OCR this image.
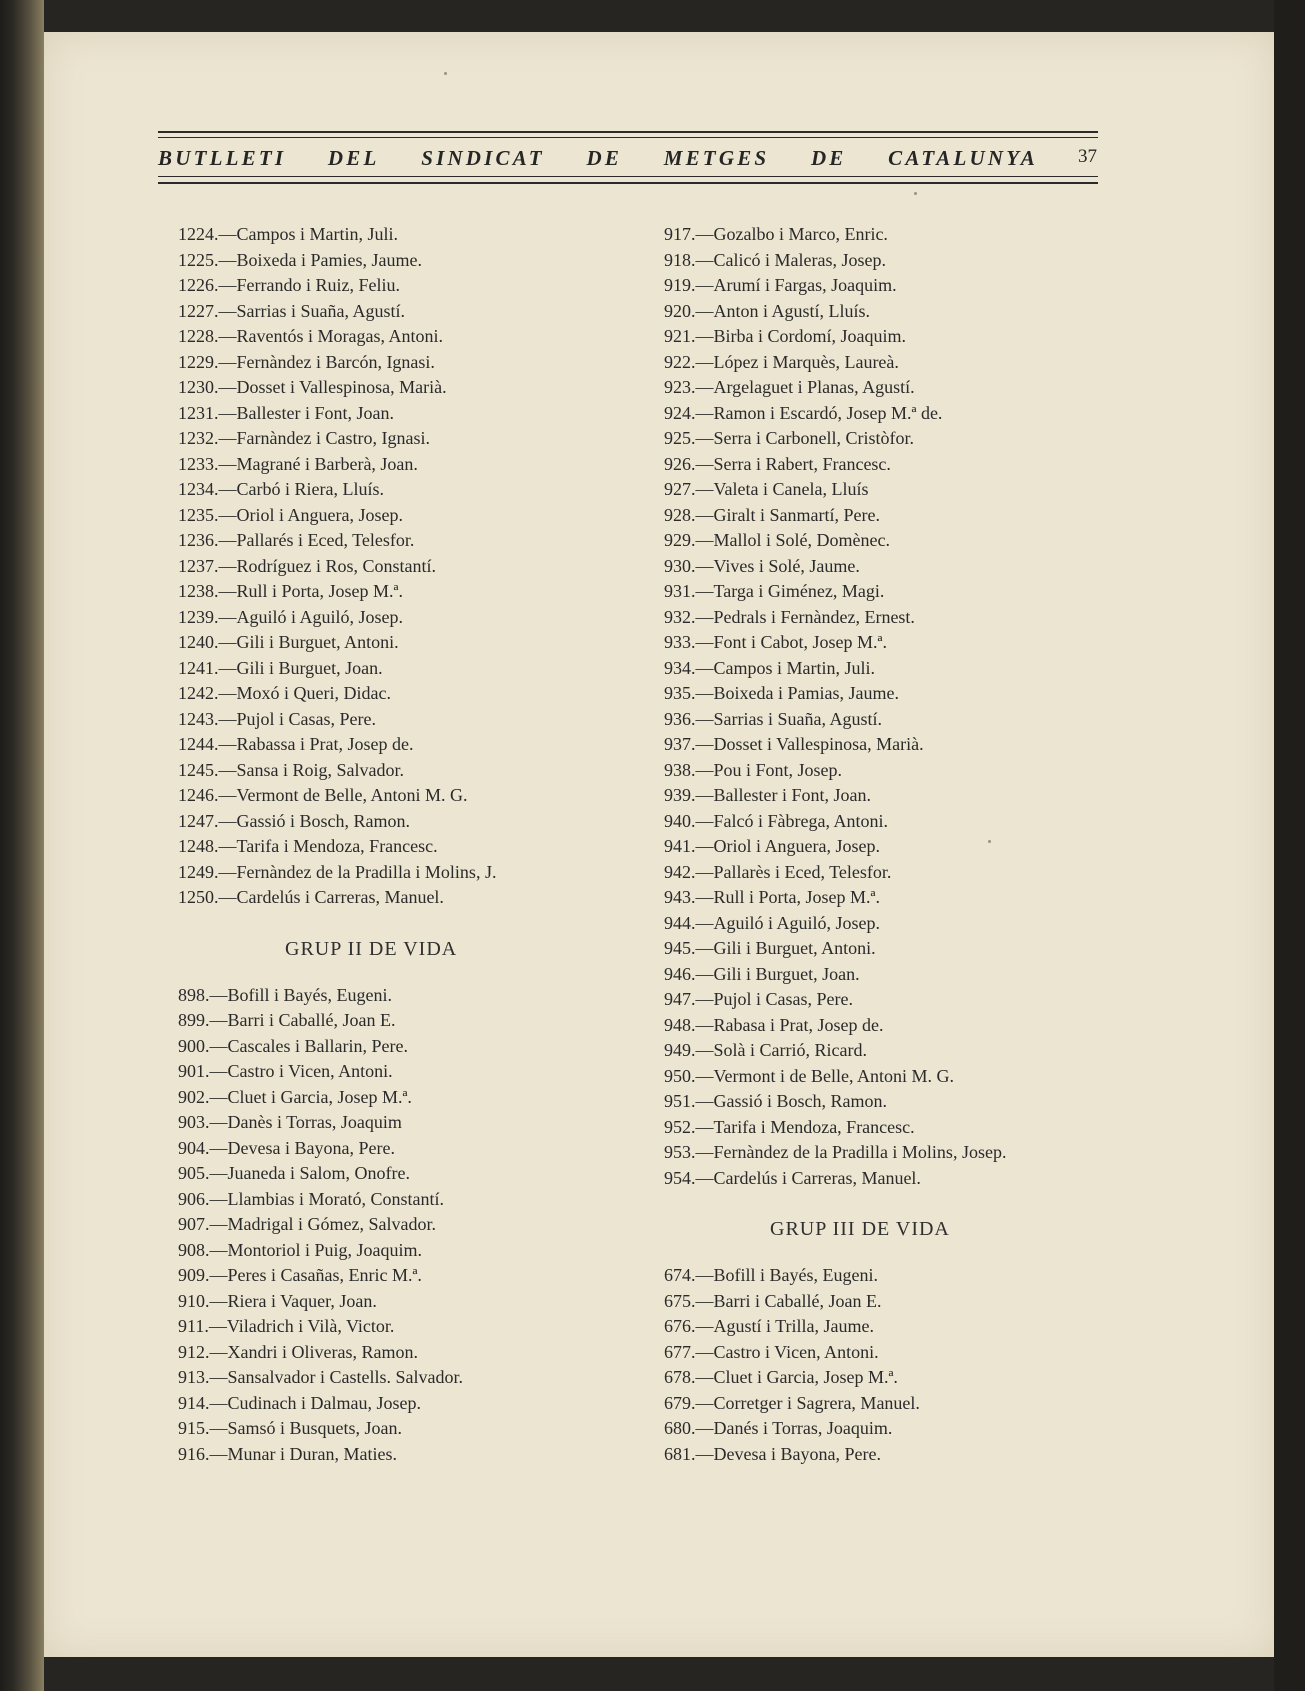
BUTLLETI DEL SINDICAT DE METGES DE CATALUNYA 37
1224.—Campos i Martin, Juli.
1225.—Boixeda i Pamies, Jaume.
1226.—Ferrando i Ruiz, Feliu.
1227.—Sarrias i Suaña, Agustí.
1228.—Raventós i Moragas, Antoni.
1229.—Fernàndez i Barcón, Ignasi.
1230.—Dosset i Vallespinosa, Marià.
1231.—Ballester i Font, Joan.
1232.—Farnàndez i Castro, Ignasi.
1233.—Magrané i Barberà, Joan.
1234.—Carbó i Riera, Lluís.
1235.—Oriol i Anguera, Josep.
1236.—Pallarés i Eced, Telesfor.
1237.—Rodríguez i Ros, Constantí.
1238.—Rull i Porta, Josep M.ª.
1239.—Aguiló i Aguiló, Josep.
1240.—Gili i Burguet, Antoni.
1241.—Gili i Burguet, Joan.
1242.—Moxó i Queri, Didac.
1243.—Pujol i Casas, Pere.
1244.—Rabassa i Prat, Josep de.
1245.—Sansa i Roig, Salvador.
1246.—Vermont de Belle, Antoni M. G.
1247.—Gassió i Bosch, Ramon.
1248.—Tarifa i Mendoza, Francesc.
1249.—Fernàndez de la Pradilla i Molins, J.
1250.—Cardelús i Carreras, Manuel.
GRUP II DE VIDA
898.—Bofill i Bayés, Eugeni.
899.—Barri i Caballé, Joan E.
900.—Cascales i Ballarin, Pere.
901.—Castro i Vicen, Antoni.
902.—Cluet i Garcia, Josep M.ª.
903.—Danès i Torras, Joaquim
904.—Devesa i Bayona, Pere.
905.—Juaneda i Salom, Onofre.
906.—Llambias i Morató, Constantí.
907.—Madrigal i Gómez, Salvador.
908.—Montoriol i Puig, Joaquim.
909.—Peres i Casañas, Enric M.ª.
910.—Riera i Vaquer, Joan.
911.—Viladrich i Vilà, Victor.
912.—Xandri i Oliveras, Ramon.
913.—Sansalvador i Castells. Salvador.
914.—Cudinach i Dalmau, Josep.
915.—Samsó i Busquets, Joan.
916.—Munar i Duran, Maties.
917.—Gozalbo i Marco, Enric.
918.—Calicó i Maleras, Josep.
919.—Arumí i Fargas, Joaquim.
920.—Anton i Agustí, Lluís.
921.—Birba i Cordomí, Joaquim.
922.—López i Marquès, Laureà.
923.—Argelaguet i Planas, Agustí.
924.—Ramon i Escardó, Josep M.ª de.
925.—Serra i Carbonell, Cristòfor.
926.—Serra i Rabert, Francesc.
927.—Valeta i Canela, Lluís
928.—Giralt i Sanmartí, Pere.
929.—Mallol i Solé, Domènec.
930.—Vives i Solé, Jaume.
931.—Targa i Giménez, Magi.
932.—Pedrals i Fernàndez, Ernest.
933.—Font i Cabot, Josep M.ª.
934.—Campos i Martin, Juli.
935.—Boixeda i Pamias, Jaume.
936.—Sarrias i Suaña, Agustí.
937.—Dosset i Vallespinosa, Marià.
938.—Pou i Font, Josep.
939.—Ballester i Font, Joan.
940.—Falcó i Fàbrega, Antoni.
941.—Oriol i Anguera, Josep.
942.—Pallarès i Eced, Telesfor.
943.—Rull i Porta, Josep M.ª.
944.—Aguiló i Aguiló, Josep.
945.—Gili i Burguet, Antoni.
946.—Gili i Burguet, Joan.
947.—Pujol i Casas, Pere.
948.—Rabasa i Prat, Josep de.
949.—Solà i Carrió, Ricard.
950.—Vermont i de Belle, Antoni M. G.
951.—Gassió i Bosch, Ramon.
952.—Tarifa i Mendoza, Francesc.
953.—Fernàndez de la Pradilla i Molins, Josep.
954.—Cardelús i Carreras, Manuel.
GRUP III DE VIDA
674.—Bofill i Bayés, Eugeni.
675.—Barri i Caballé, Joan E.
676.—Agustí i Trilla, Jaume.
677.—Castro i Vicen, Antoni.
678.—Cluet i Garcia, Josep M.ª.
679.—Corretger i Sagrera, Manuel.
680.—Danés i Torras, Joaquim.
681.—Devesa i Bayona, Pere.
